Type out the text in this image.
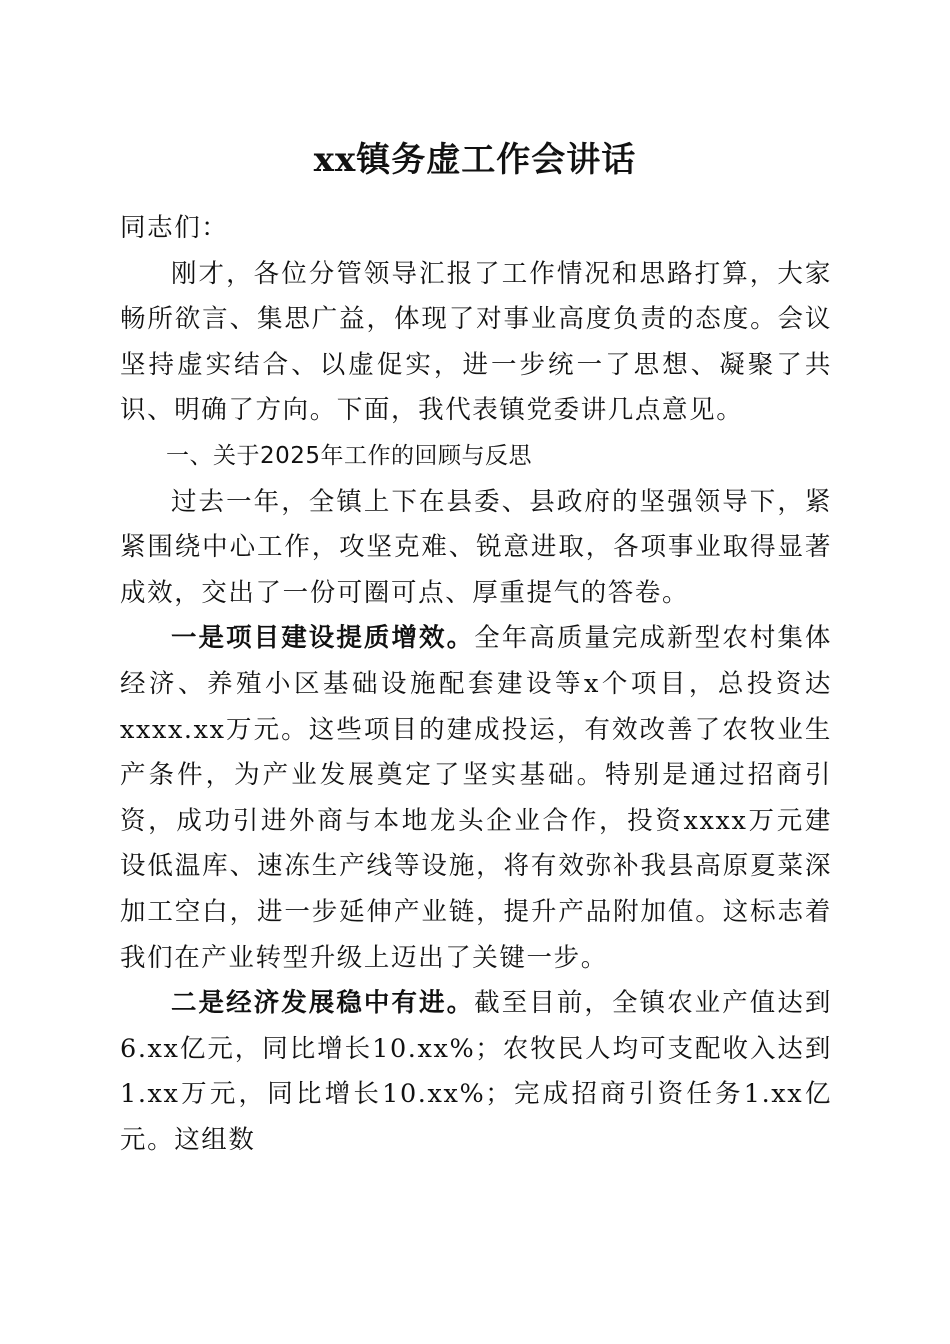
xx镇务虚工作会讲话

同志们：

刚才，各位分管领导汇报了工作情况和思路打算，大家畅所欲言、集思广益，体现了对事业高度负责的态度。会议坚持虚实结合、以虚促实，进一步统一了思想、凝聚了共识、明确了方向。下面，我代表镇党委讲几点意见。

一、关于2025年工作的回顾与反思

过去一年，全镇上下在县委、县政府的坚强领导下，紧紧围绕中心工作，攻坚克难、锐意进取，各项事业取得显著成效，交出了一份可圈可点、厚重提气的答卷。

一是项目建设提质增效。全年高质量完成新型农村集体经济、养殖小区基础设施配套建设等x个项目，总投资达xxxx.xx万元。这些项目的建成投运，有效改善了农牧业生产条件，为产业发展奠定了坚实基础。特别是通过招商引资，成功引进外商与本地龙头企业合作，投资xxxx万元建设低温库、速冻生产线等设施，将有效弥补我县高原夏菜深加工空白，进一步延伸产业链，提升产品附加值。这标志着我们在产业转型升级上迈出了关键一步。

二是经济发展稳中有进。截至目前，全镇农业产值达到6.xx亿元，同比增长10.xx%；农牧民人均可支配收入达到1.xx万元，同比增长10.xx%；完成招商引资任务1.xx亿元。这组数
